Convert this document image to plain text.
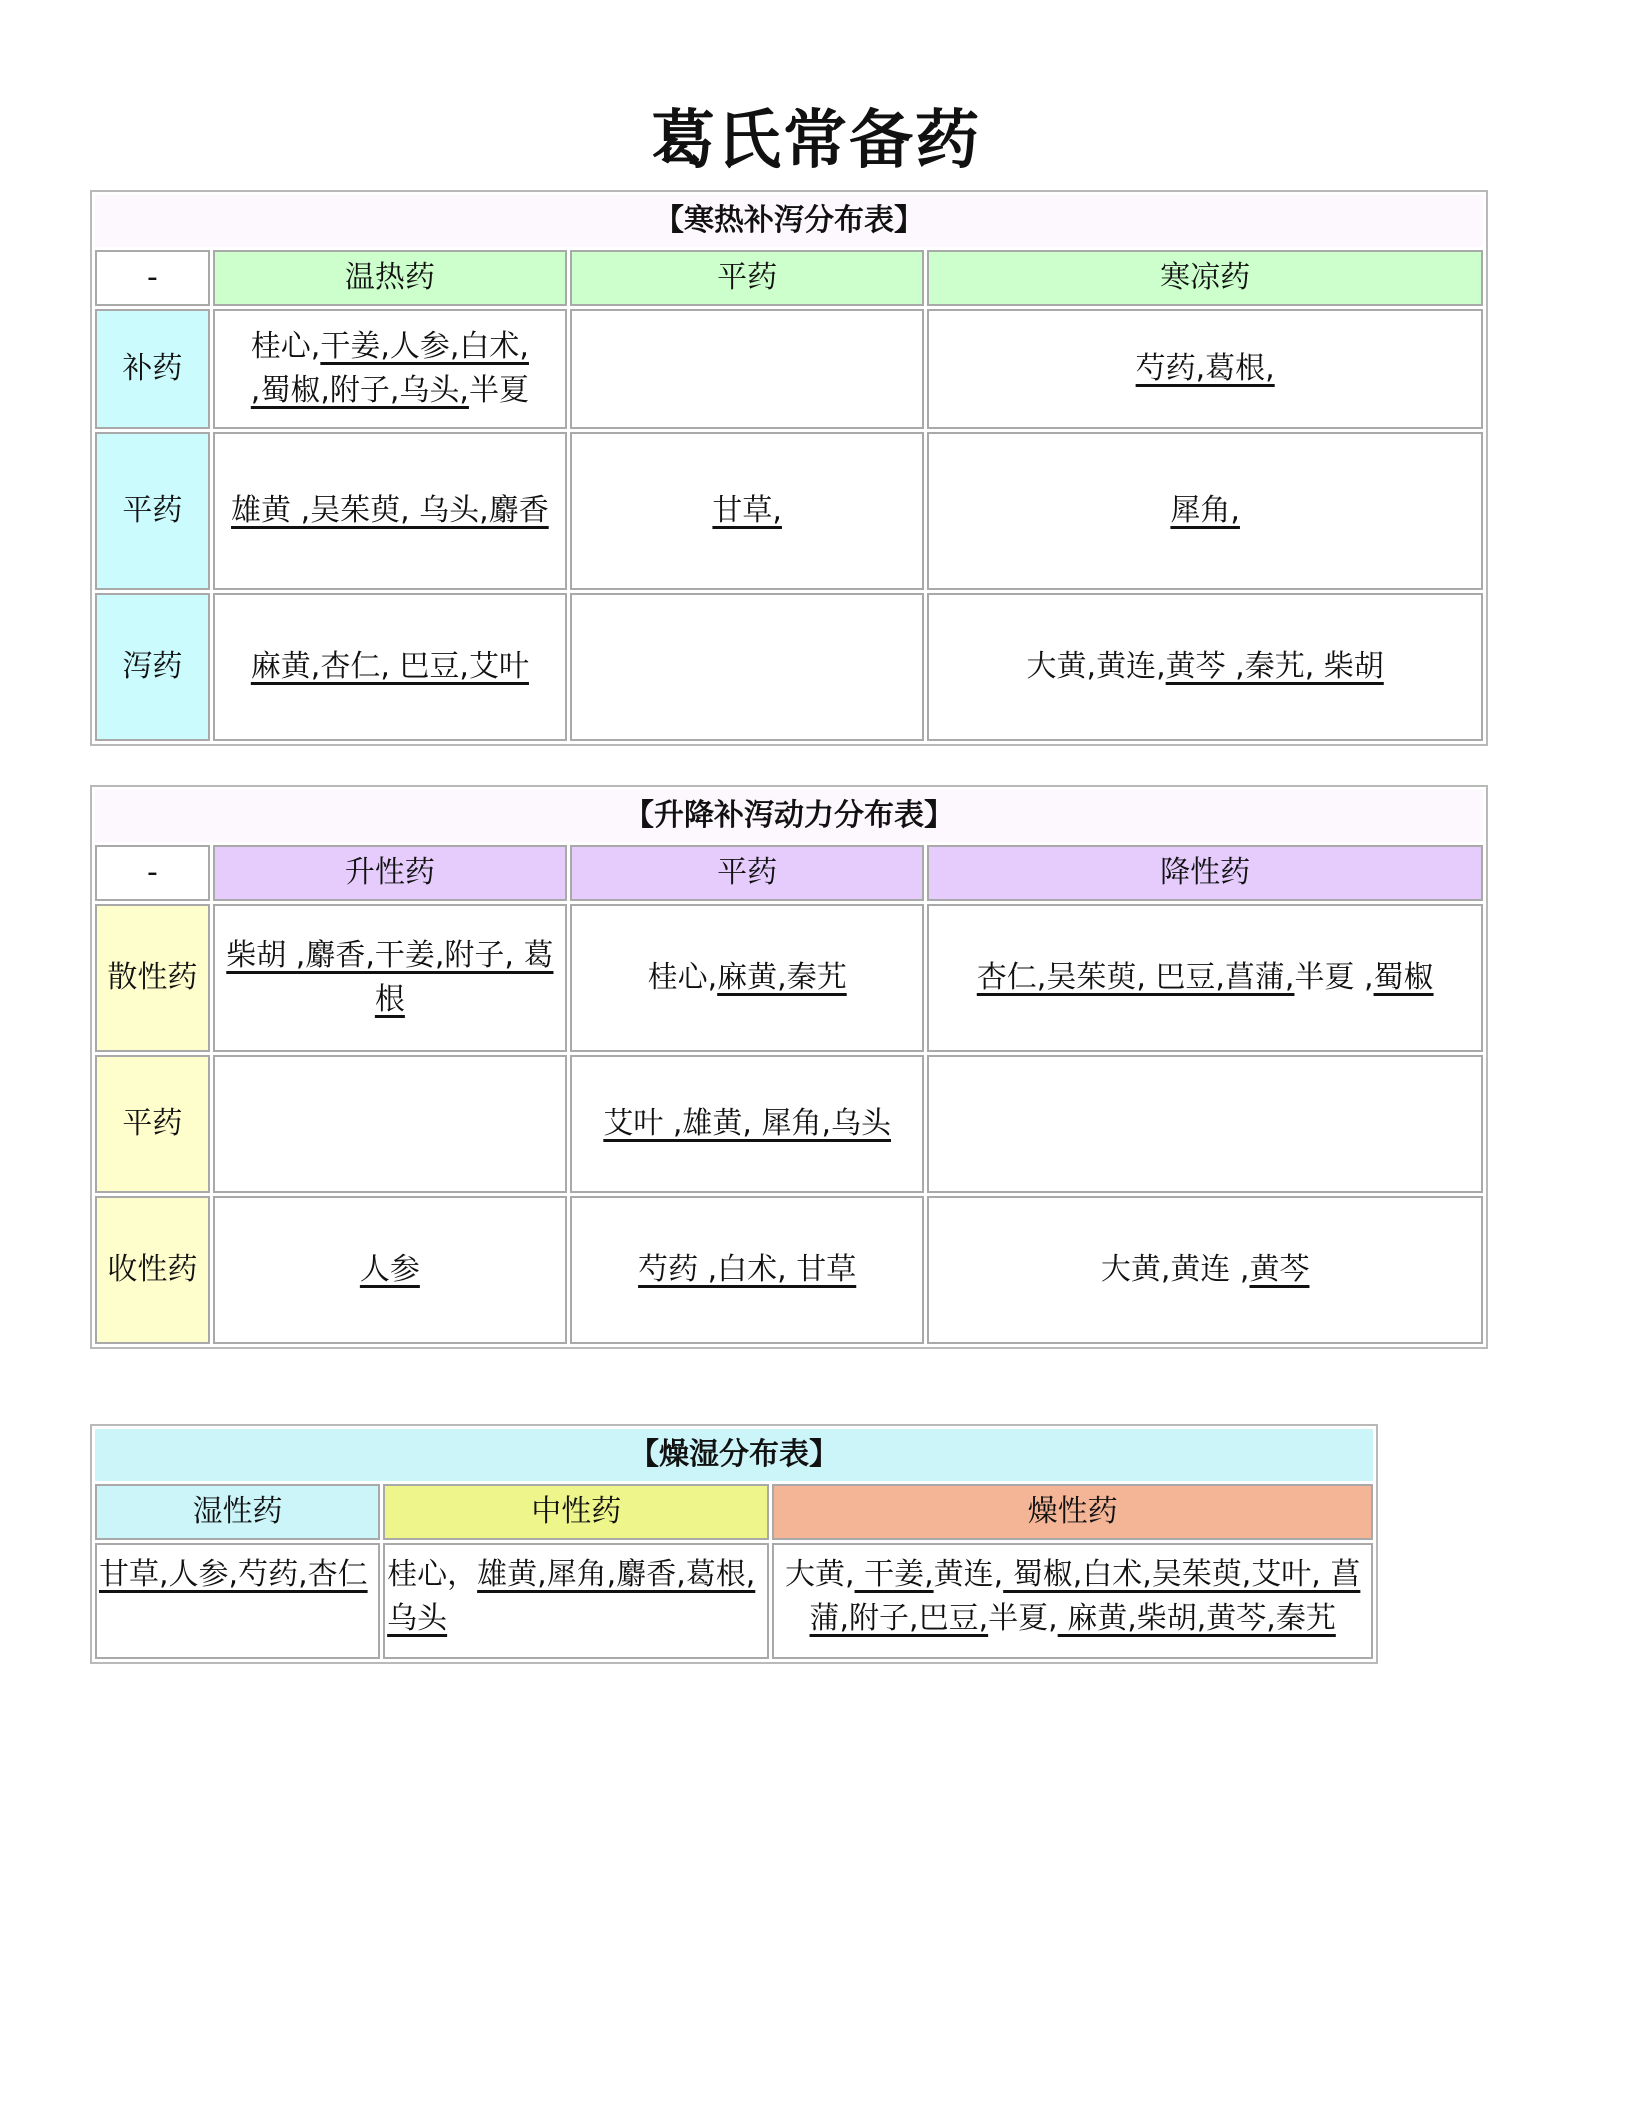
葛氏常备药
【寒热补泻分布表】			
-	温热药	平药	寒凉药
补药	桂心,干姜,人参,白术,
,蜀椒,附子,乌头,半夏		芍药,葛根,
平药	雄黄 ,吴茱萸, 乌头,麝香	甘草,	犀角,
泻药	麻黄,杏仁, 巴豆,艾叶		大黄,黄连,黄芩 ,秦艽, 柴胡
【升降补泻动力分布表】			
-	升性药	平药	降性药
散性药	柴胡 ,麝香,干姜,附子, 葛根	桂心,麻黄,秦艽	杏仁,吴茱萸, 巴豆,菖蒲,半夏 ,蜀椒
平药		艾叶 ,雄黄, 犀角,乌头	
收性药	人参	芍药 ,白术, 甘草	大黄,黄连 ,黄芩
【燥湿分布表】		
湿性药	中性药	燥性药
甘草,人参,芍药,杏仁	桂心，雄黄,犀角,麝香,葛根, 乌头	大黄, 干姜,黄连, 蜀椒,白术,吴茱萸,艾叶, 菖蒲,附子,巴豆,半夏, 麻黄,柴胡,黄芩,秦艽
